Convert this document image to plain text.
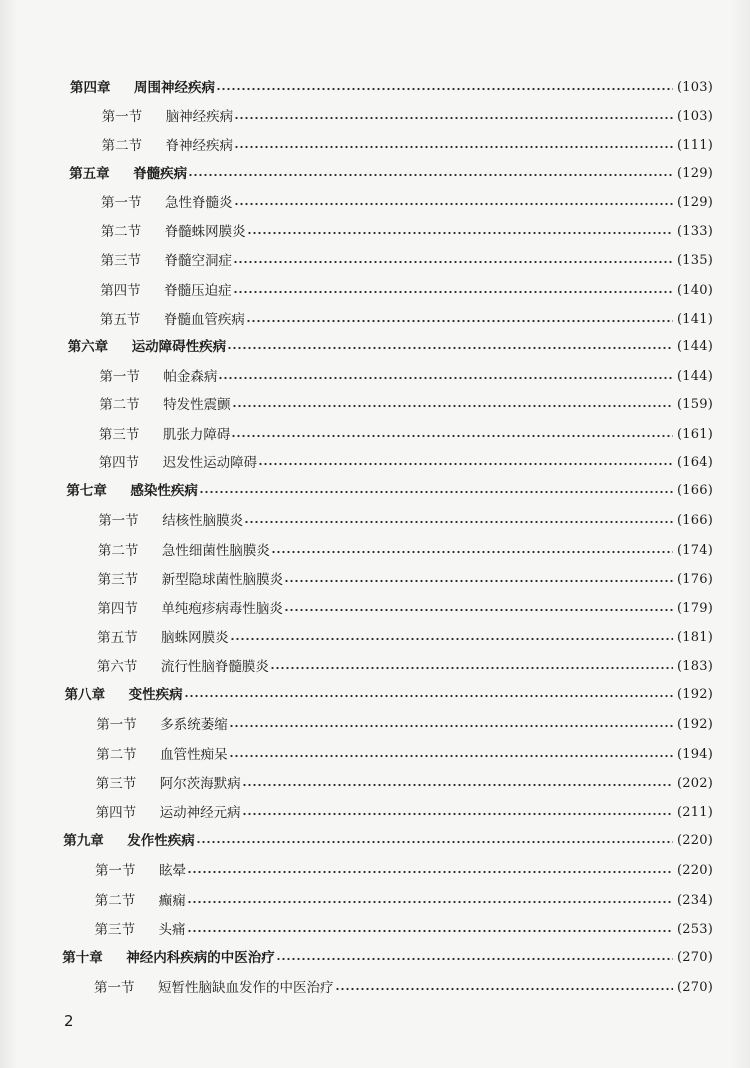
第四章	周围神经疾病	(103)
第一节	脑神经疾病	(103)
第二节	脊神经疾病	(111)
第五章	脊髓疾病	(129)
第一节	急性脊髓炎	(129)
第二节	脊髓蛛网膜炎	(133)
第三节	脊髓空洞症	(135)
第四节	脊髓压迫症	(140)
第五节	脊髓血管疾病	(141)
第六章	运动障碍性疾病	(144)
第一节	帕金森病	(144)
第二节	特发性震颤	(159)
第三节	肌张力障碍	(161)
第四节	迟发性运动障碍	(164)
第七章	感染性疾病	(166)
第一节	结核性脑膜炎	(166)
第二节	急性细菌性脑膜炎	(174)
第三节	新型隐球菌性脑膜炎	(176)
第四节	单纯疱疹病毒性脑炎	(179)
第五节	脑蛛网膜炎	(181)
第六节	流行性脑脊髓膜炎	(183)
第八章	变性疾病	(192)
第一节	多系统萎缩	(192)
第二节	血管性痴呆	(194)
第三节	阿尔茨海默病	(202)
第四节	运动神经元病	(211)
第九章	发作性疾病	(220)
第一节	眩晕	(220)
第二节	癫痫	(234)
第三节	头痛	(253)
第十章	神经内科疾病的中医治疗	(270)
第一节	短暂性脑缺血发作的中医治疗	(270)
2
